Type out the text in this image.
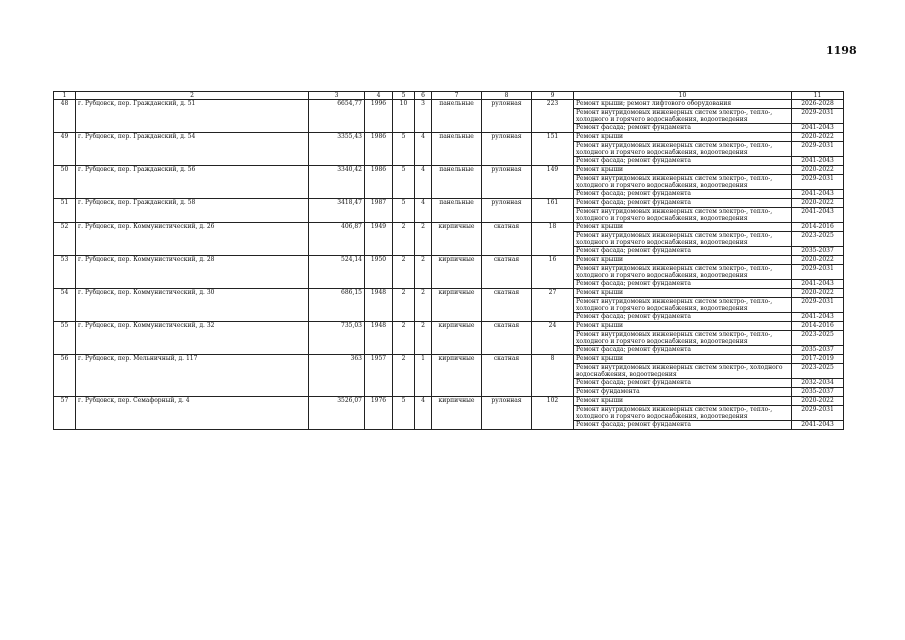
1198
1	2	3	4	5	6	7	8	9	10	11
48	г. Рубцовск, пер. Гражданский, д. 51	6654,77	1996	10	3	панельные	рулонная	223	Ремонт крыши; ремонт лифтового оборудования	2026-2028
									Ремонт внутридомовых инженерных систем электро-, тепло-, холодного и горячего водоснабжения, водоотведения	2029-2031
									Ремонт фасада; ремонт фундамента	2041-2043
49	г. Рубцовск, пер. Гражданский, д. 54	3355,43	1986	5	4	панельные	рулонная	151	Ремонт крыши	2020-2022
									Ремонт внутридомовых инженерных систем электро-, тепло-, холодного и горячего водоснабжения, водоотведения	2029-2031
									Ремонт фасада; ремонт фундамента	2041-2043
50	г. Рубцовск, пер. Гражданский, д. 56	3340,42	1986	5	4	панельные	рулонная	149	Ремонт крыши	2020-2022
									Ремонт внутридомовых инженерных систем электро-, тепло-, холодного и горячего водоснабжения, водоотведения	2029-2031
									Ремонт фасада; ремонт фундамента	2041-2043
51	г. Рубцовск, пер. Гражданский, д. 58	3418,47	1987	5	4	панельные	рулонная	161	Ремонт фасада; ремонт фундамента	2020-2022
									Ремонт внутридомовых инженерных систем электро-, тепло-, холодного и горячего водоснабжения, водоотведения	2041-2043
52	г. Рубцовск, пер. Коммунистический, д. 26	406,87	1949	2	2	кирпичные	скатная	18	Ремонт крыши	2014-2016
									Ремонт внутридомовых инженерных систем электро-, тепло-, холодного и горячего водоснабжения, водоотведения	2023-2025
									Ремонт фасада; ремонт фундамента	2035-2037
53	г. Рубцовск, пер. Коммунистический, д. 28	524,14	1950	2	2	кирпичные	скатная	16	Ремонт крыши	2020-2022
									Ремонт внутридомовых инженерных систем электро-, тепло-, холодного и горячего водоснабжения, водоотведения	2029-2031
									Ремонт фасада; ремонт фундамента	2041-2043
54	г. Рубцовск, пер. Коммунистический, д. 30	686,15	1948	2	2	кирпичные	скатная	27	Ремонт крыши	2020-2022
									Ремонт внутридомовых инженерных систем электро-, тепло-, холодного и горячего водоснабжения, водоотведения	2029-2031
									Ремонт фасада; ремонт фундамента	2041-2043
55	г. Рубцовск, пер. Коммунистический, д. 32	735,03	1948	2	2	кирпичные	скатная	24	Ремонт крыши	2014-2016
									Ремонт внутридомовых инженерных систем электро-, тепло-, холодного и горячего водоснабжения, водоотведения	2023-2025
									Ремонт фасада; ремонт фундамента	2035-2037
56	г. Рубцовск, пер. Мельничный, д. 117	363	1957	2	1	кирпичные	скатная	8	Ремонт крыши	2017-2019
									Ремонт внутридомовых инженерных систем электро-, холодного водоснабжения, водоотведения	2023-2025
									Ремонт фасада; ремонт фундамента	2032-2034
									Ремонт фундамента	2035-2037
57	г. Рубцовск, пер. Семафорный, д. 4	3526,07	1976	5	4	кирпичные	рулонная	102	Ремонт крыши	2020-2022
									Ремонт внутридомовых инженерных систем электро-, тепло-, холодного и горячего водоснабжения, водоотведения	2029-2031
									Ремонт фасада; ремонт фундамента	2041-2043
